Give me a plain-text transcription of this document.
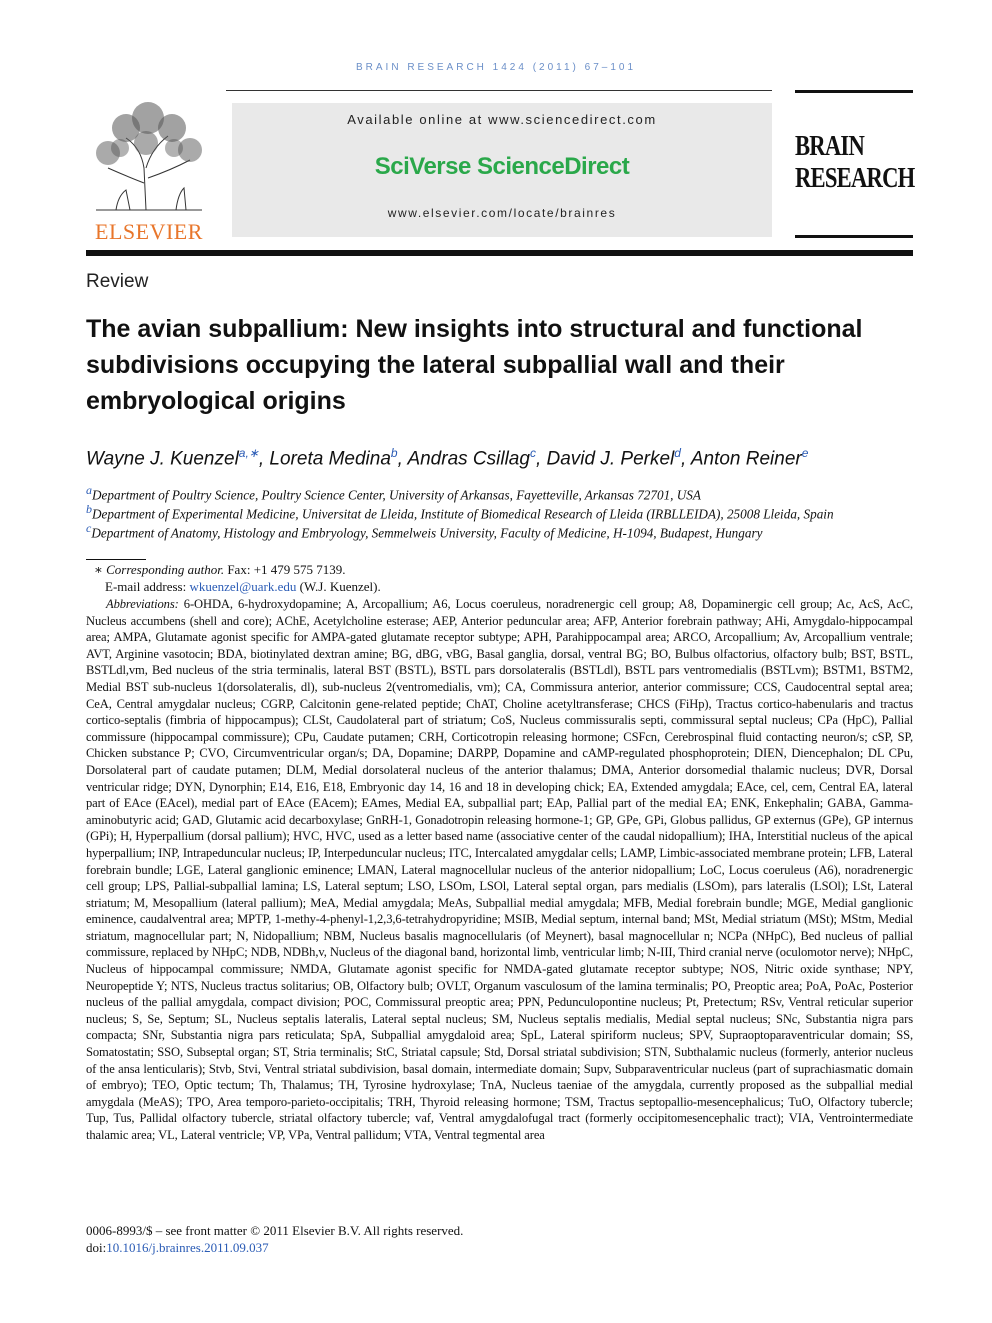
BRAIN RESEARCH 1424 (2011) 67–101
ELSEVIER
Available online at www.sciencedirect.com
SciVerse ScienceDirect
www.elsevier.com/locate/brainres
BRAIN
RESEARCH
Review
The avian subpallium: New insights into structural and functional subdivisions occupying the lateral subpallial wall and their embryological origins
Wayne J. Kuenzel$^{a,∗}$, Loreta Medina$^b$, Andras Csillag$^c$, David J. Perkel$^d$, Anton Reiner$^e$
$^a$Department of Poultry Science, Poultry Science Center, University of Arkansas, Fayetteville, Arkansas 72701, USA
$^b$Department of Experimental Medicine, Universitat de Lleida, Institute of Biomedical Research of Lleida (IRBLLEIDA), 25008 Lleida, Spain
$^c$Department of Anatomy, Histology and Embryology, Semmelweis University, Faculty of Medicine, H-1094, Budapest, Hungary
∗ Corresponding author. Fax: +1 479 575 7139.
E-mail address: wkuenzel@uark.edu (W.J. Kuenzel).
Abbreviations: 6-OHDA, 6-hydroxydopamine; A, Arcopallium; A6, Locus coeruleus, noradrenergic cell group; A8, Dopaminergic cell group; Ac, AcS, AcC, Nucleus accumbens (shell and core); AChE, Acetylcholine esterase; AEP, Anterior peduncular area; AFP, Anterior forebrain pathway; AHi, Amygdalo-hippocampal area; AMPA, Glutamate agonist specific for AMPA-gated glutamate receptor subtype; APH, Parahippocampal area; ARCO, Arcopallium; Av, Arcopallium ventrale; AVT, Arginine vasotocin; BDA, biotinylated dextran amine; BG, dBG, vBG, Basal ganglia, dorsal, ventral BG; BO, Bulbus olfactorius, olfactory bulb; BST, BSTL, BSTLdl,vm, Bed nucleus of the stria terminalis, lateral BST (BSTL), BSTL pars dorsolateralis (BSTLdl), BSTL pars ventromedialis (BSTLvm); BSTM1, BSTM2, Medial BST sub-nucleus 1(dorsolateralis, dl), sub-nucleus 2(ventromedialis, vm); CA, Commissura anterior, anterior commissure; CCS, Caudocentral septal area; CeA, Central amygdalar nucleus; CGRP, Calcitonin gene-related peptide; ChAT, Choline acetyltransferase; CHCS (FiHp), Tractus cortico-habenularis and tractus cortico-septalis (fimbria of hippocampus); CLSt, Caudolateral part of striatum; CoS, Nucleus commissuralis septi, commissural septal nucleus; CPa (HpC), Pallial commissure (hippocampal commissure); CPu, Caudate putamen; CRH, Corticotropin releasing hormone; CSFcn, Cerebrospinal fluid contacting neuron/s; cSP, SP, Chicken substance P; CVO, Circumventricular organ/s; DA, Dopamine; DARPP, Dopamine and cAMP-regulated phosphoprotein; DIEN, Diencephalon; DL CPu, Dorsolateral part of caudate putamen; DLM, Medial dorsolateral nucleus of the anterior thalamus; DMA, Anterior dorsomedial thalamic nucleus; DVR, Dorsal ventricular ridge; DYN, Dynorphin; E14, E16, E18, Embryonic day 14, 16 and 18 in developing chick; EA, Extended amygdala; EAce, cel, cem, Central EA, lateral part of EAce (EAcel), medial part of EAce (EAcem); EAmes, Medial EA, subpallial part; EAp, Pallial part of the medial EA; ENK, Enkephalin; GABA, Gamma-aminobutyric acid; GAD, Glutamic acid decarboxylase; GnRH-1, Gonadotropin releasing hormone-1; GP, GPe, GPi, Globus pallidus, GP externus (GPe), GP internus (GPi); H, Hyperpallium (dorsal pallium); HVC, HVC, used as a letter based name (associative center of the caudal nidopallium); IHA, Interstitial nucleus of the apical hyperpallium; INP, Intrapeduncular nucleus; IP, Interpeduncular nucleus; ITC, Intercalated amygdalar cells; LAMP, Limbic-associated membrane protein; LFB, Lateral forebrain bundle; LGE, Lateral ganglionic eminence; LMAN, Lateral magnocellular nucleus of the anterior nidopallium; LoC, Locus coeruleus (A6), noradrenergic cell group; LPS, Pallial-subpallial lamina; LS, Lateral septum; LSO, LSOm, LSOl, Lateral septal organ, pars medialis (LSOm), pars lateralis (LSOl); LSt, Lateral striatum; M, Mesopallium (lateral pallium); MeA, Medial amygdala; MeAs, Subpallial medial amygdala; MFB, Medial forebrain bundle; MGE, Medial ganglionic eminence, caudalventral area; MPTP, 1-methy-4-phenyl-1,2,3,6-tetrahydropyridine; MSIB, Medial septum, internal band; MSt, Medial striatum (MSt); MStm, Medial striatum, magnocellular part; N, Nidopallium; NBM, Nucleus basalis magnocellularis (of Meynert), basal magnocellular n; NCPa (NHpC), Bed nucleus of pallial commissure, replaced by NHpC; NDB, NDBh,v, Nucleus of the diagonal band, horizontal limb, ventricular limb; N-III, Third cranial nerve (oculomotor nerve); NHpC, Nucleus of hippocampal commissure; NMDA, Glutamate agonist specific for NMDA-gated glutamate receptor subtype; NOS, Nitric oxide synthase; NPY, Neuropeptide Y; NTS, Nucleus tractus solitarius; OB, Olfactory bulb; OVLT, Organum vasculosum of the lamina terminalis; PO, Preoptic area; PoA, PoAc, Posterior nucleus of the pallial amygdala, compact division; POC, Commissural preoptic area; PPN, Pedunculopontine nucleus; Pt, Pretectum; RSv, Ventral reticular superior nucleus; S, Se, Septum; SL, Nucleus septalis lateralis, Lateral septal nucleus; SM, Nucleus septalis medialis, Medial septal nucleus; SNc, Substantia nigra pars compacta; SNr, Substantia nigra pars reticulata; SpA, Subpallial amygdaloid area; SpL, Lateral spiriform nucleus; SPV, Supraoptoparaventricular domain; SS, Somatostatin; SSO, Subseptal organ; ST, Stria terminalis; StC, Striatal capsule; Std, Dorsal striatal subdivision; STN, Subthalamic nucleus (formerly, anterior nucleus of the ansa lenticularis); Stvb, Stvi, Ventral striatal subdivision, basal domain, intermediate domain; Supv, Subparaventricular nucleus (part of suprachiasmatic domain of embryo); TEO, Optic tectum; Th, Thalamus; TH, Tyrosine hydroxylase; TnA, Nucleus taeniae of the amygdala, currently proposed as the subpallial medial amygdala (MeAS); TPO, Area temporo-parieto-occipitalis; TRH, Thyroid releasing hormone; TSM, Tractus septopallio-mesencephalicus; TuO, Olfactory tubercle; Tup, Tus, Pallidal olfactory tubercle, striatal olfactory tubercle; vaf, Ventral amygdalofugal tract (formerly occipitomesencephalic tract); VIA, Ventrointermediate thalamic area; VL, Lateral ventricle; VP, VPa, Ventral pallidum; VTA, Ventral tegmental area
0006-8993/$ – see front matter © 2011 Elsevier B.V. All rights reserved.
doi:10.1016/j.brainres.2011.09.037
